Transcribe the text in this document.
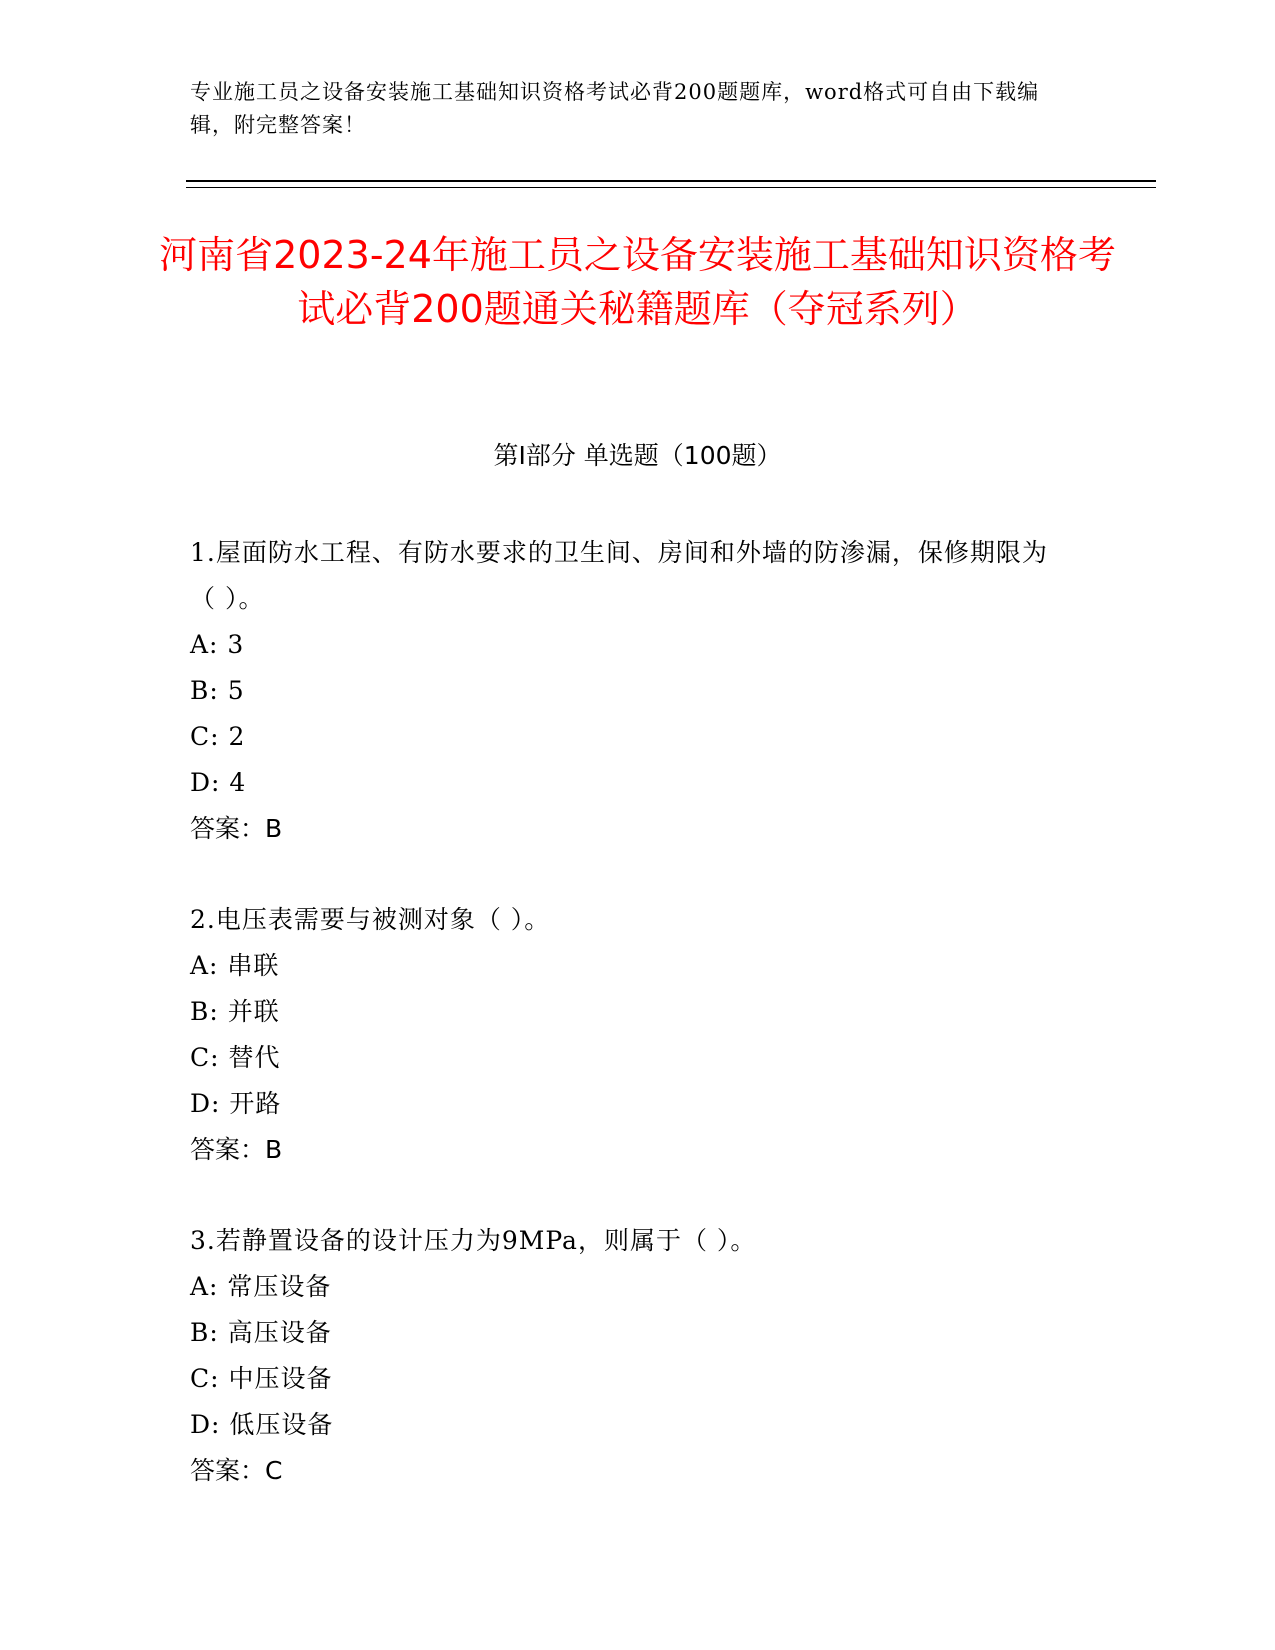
专业施工员之设备安装施工基础知识资格考试必背200题题库，word格式可自由下载编辑，附完整答案！
河南省2023-24年施工员之设备安装施工基础知识资格考试必背200题通关秘籍题库（夺冠系列）
第I部分 单选题（100题）
1.屋面防水工程、有防水要求的卫生间、房间和外墙的防渗漏，保修期限为（ ）。
A: 3
B: 5
C: 2
D: 4
答案：B
2.电压表需要与被测对象（ ）。
A: 串联
B: 并联
C: 替代
D: 开路
答案：B
3.若静置设备的设计压力为9MPa，则属于（ ）。
A: 常压设备
B: 高压设备
C: 中压设备
D: 低压设备
答案：C
